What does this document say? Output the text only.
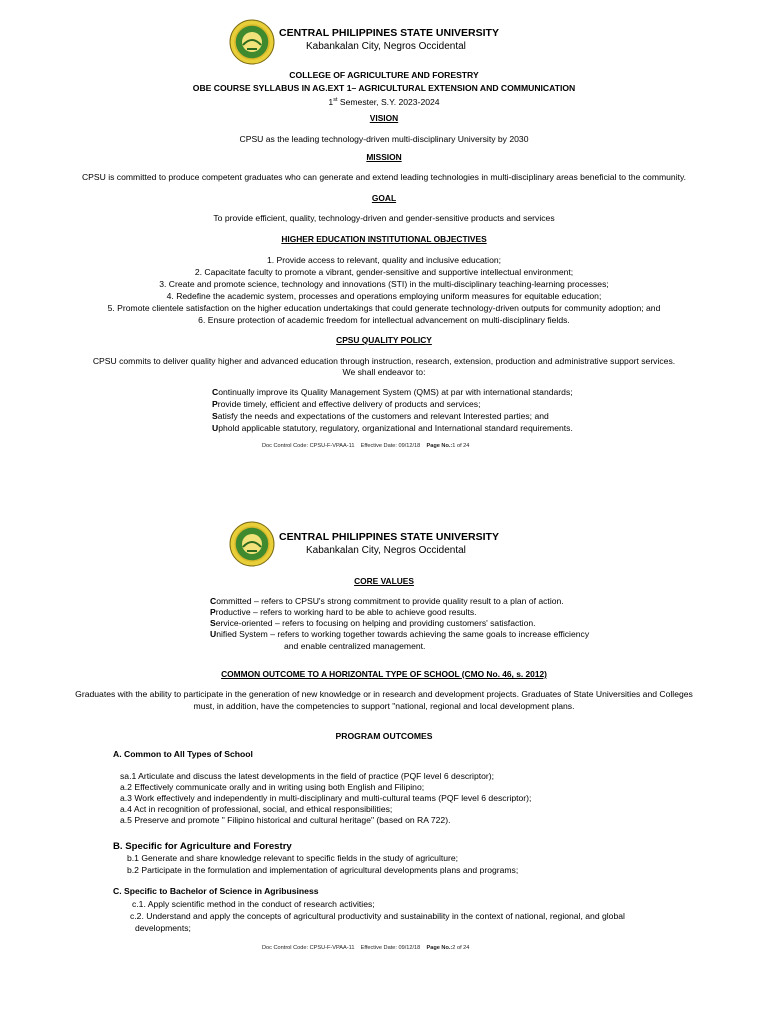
CENTRAL PHILIPPINES STATE UNIVERSITY
Kabankalan City, Negros Occidental
COLLEGE OF AGRICULTURE AND FORESTRY
OBE COURSE SYLLABUS IN AG.EXT 1– AGRICULTURAL EXTENSION AND COMMUNICATION
1st Semester, S.Y. 2023-2024
VISION
CPSU as the leading technology-driven multi-disciplinary University by 2030
MISSION
CPSU is committed to produce competent graduates who can generate and extend leading technologies in multi-disciplinary areas beneficial to the community.
GOAL
To provide efficient, quality, technology-driven and gender-sensitive products and services
HIGHER EDUCATION INSTITUTIONAL OBJECTIVES
1. Provide access to relevant, quality and inclusive education;
2. Capacitate faculty to promote a vibrant, gender-sensitive and supportive intellectual environment;
3. Create and promote science, technology and innovations (STI) in the multi-disciplinary teaching-learning processes;
4. Redefine the academic system, processes and operations employing uniform measures for equitable education;
5. Promote clientele satisfaction on the higher education undertakings that could generate technology-driven outputs for community adoption; and
6. Ensure protection of academic freedom for intellectual advancement on multi-disciplinary fields.
CPSU QUALITY POLICY
CPSU commits to deliver quality higher and advanced education through instruction, research, extension, production and administrative support services.
We shall endeavor to:
Continually improve its Quality Management System (QMS) at par with international standards;
Provide timely, efficient and effective delivery of products and services;
Satisfy the needs and expectations of the customers and relevant Interested parties; and
Uphold applicable statutory, regulatory, organizational and International standard requirements.
Doc Control Code: CPSU-F-VPAA-11 Effective Date: 09/12/18 Page No.:1 of 24
CENTRAL PHILIPPINES STATE UNIVERSITY
Kabankalan City, Negros Occidental
CORE VALUES
Committed – refers to CPSU's strong commitment to provide quality result to a plan of action.
Productive – refers to working hard to be able to achieve good results.
Service-oriented – refers to focusing on helping and providing customers' satisfaction.
Unified System – refers to working together towards achieving the same goals to increase efficiency
and enable centralized management.
COMMON OUTCOME TO A HORIZONTAL TYPE OF SCHOOL (CMO No. 46, s. 2012)
Graduates with the ability to participate in the generation of new knowledge or in research and development projects. Graduates of State Universities and Colleges
must, in addition, have the competencies to support "national, regional and local development plans.
PROGRAM OUTCOMES
A. Common to All Types of School
sa.1 Articulate and discuss the latest developments in the field of practice (PQF level 6 descriptor);
a.2 Effectively communicate orally and in writing using both English and Filipino;
a.3 Work effectively and independently in multi-disciplinary and multi-cultural teams (PQF level 6 descriptor);
a.4 Act in recognition of professional, social, and ethical responsibilities;
a.5 Preserve and promote " Filipino historical and cultural heritage" (based on RA 722).
B. Specific for Agriculture and Forestry
b.1 Generate and share knowledge relevant to specific fields in the study of agriculture;
b.2 Participate in the formulation and implementation of agricultural developments plans and programs;
C. Specific to Bachelor of Science in Agribusiness
c.1. Apply scientific method in the conduct of research activities;
c.2. Understand and apply the concepts of agricultural productivity and sustainability in the context of national, regional, and global
developments;
Doc Control Code: CPSU-F-VPAA-11 Effective Date: 09/12/18 Page No.:2 of 24
